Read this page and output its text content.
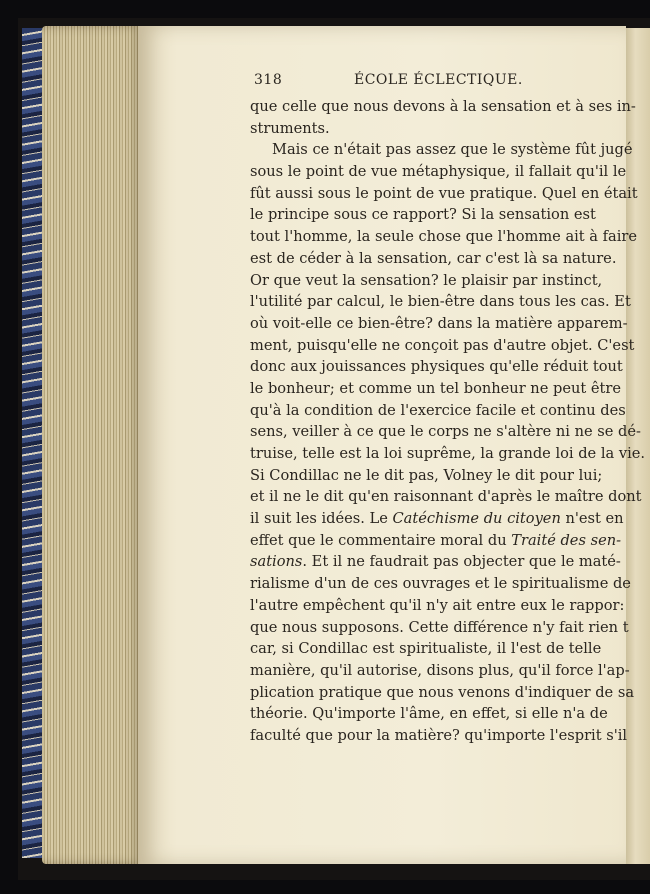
318	ÉCOLE ÉCLECTIQUE.
que celle que nous devons à la sensation et à ses in-
struments.
Mais ce n'était pas assez que le système fût jugé
sous le point de vue métaphysique, il fallait qu'il le
fût aussi sous le point de vue pratique. Quel en était
le principe sous ce rapport? Si la sensation est
tout l'homme, la seule chose que l'homme ait à faire
est de céder à la sensation, car c'est là sa nature.
Or que veut la sensation? le plaisir par instinct,
l'utilité par calcul, le bien-être dans tous les cas. Et
où voit-elle ce bien-être? dans la matière apparem-
ment, puisqu'elle ne conçoit pas d'autre objet. C'est
donc aux jouissances physiques qu'elle réduit tout
le bonheur; et comme un tel bonheur ne peut être
qu'à la condition de l'exercice facile et continu des
sens, veiller à ce que le corps ne s'altère ni ne se dé-
truise, telle est la loi suprême, la grande loi de la vie.
Si Condillac ne le dit pas, Volney le dit pour lui;
et il ne le dit qu'en raisonnant d'après le maître dont
il suit les idées. Le Catéchisme du citoyen n'est en
effet que le commentaire moral du Traité des sen-
sations. Et il ne faudrait pas objecter que le maté-
rialisme d'un de ces ouvrages et le spiritualisme de
l'autre empêchent qu'il n'y ait entre eux le rappor:
que nous supposons. Cette différence n'y fait rien t
car, si Condillac est spiritualiste, il l'est de telle
manière, qu'il autorise, disons plus, qu'il force l'ap-
plication pratique que nous venons d'indiquer de sa
théorie. Qu'importe l'âme, en effet, si elle n'a de
faculté que pour la matière? qu'importe l'esprit s'il
